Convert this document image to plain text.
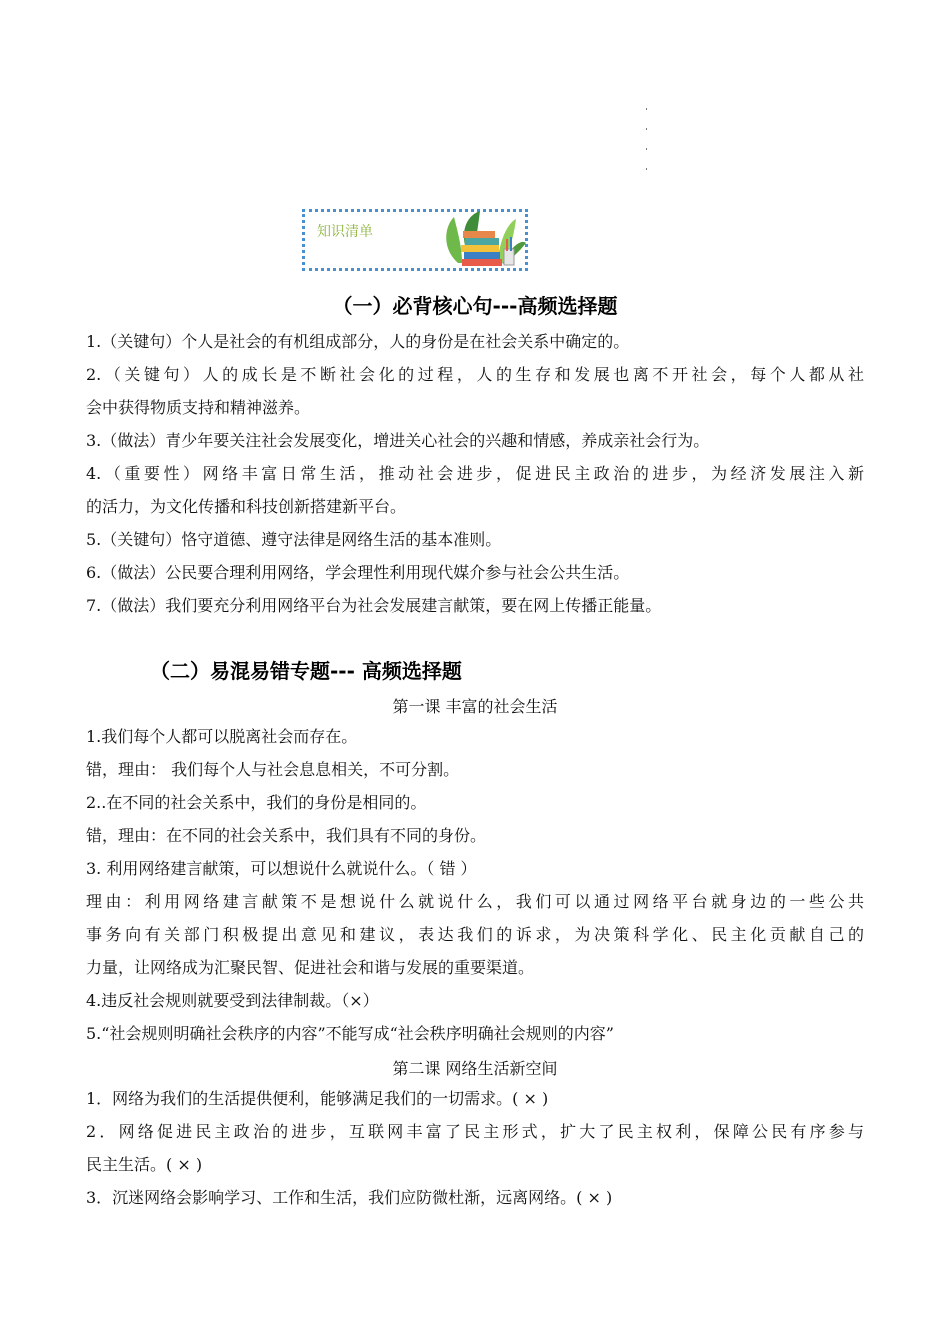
知识清单
（一）必背核心句---高频选择题
1.（关键句）个人是社会的有机组成部分，人的身份是在社会关系中确定的。
2.（关键句）人的成长是不断社会化的过程，人的生存和发展也离不开社会，每个人都从社
会中获得物质支持和精神滋养。
3.（做法）青少年要关注社会发展变化，增进关心社会的兴趣和情感，养成亲社会行为。
4.（重要性）网络丰富日常生活，推动社会进步，促进民主政治的进步，为经济发展注入新
的活力，为文化传播和科技创新搭建新平台。
5.（关键句）恪守道德、遵守法律是网络生活的基本准则。
6.（做法）公民要合理利用网络，学会理性利用现代媒介参与社会公共生活。
7.（做法）我们要充分利用网络平台为社会发展建言献策，要在网上传播正能量。
（二）易混易错专题--- 高频选择题
第一课 丰富的社会生活
1.我们每个人都可以脱离社会而存在。
错，理由： 我们每个人与社会息息相关，不可分割。
2..在不同的社会关系中，我们的身份是相同的。
错，理由：在不同的社会关系中，我们具有不同的身份。
3. 利用网络建言献策，可以想说什么就说什么。（ 错 ）
理由：利用网络建言献策不是想说什么就说什么，我们可以通过网络平台就身边的一些公共
事务向有关部门积极提出意见和建议，表达我们的诉求，为决策科学化、民主化贡献自己的
力量，让网络成为汇聚民智、促进社会和谐与发展的重要渠道。
4.违反社会规则就要受到法律制裁。（×）
5.“社会规则明确社会秩序的内容”不能写成“社会秩序明确社会规则的内容”
第二课 网络生活新空间
1．网络为我们的生活提供便利，能够满足我们的一切需求。( × )
2．网络促进民主政治的进步，互联网丰富了民主形式，扩大了民主权利，保障公民有序参与
民主生活。( × )
3．沉迷网络会影响学习、工作和生活，我们应防微杜渐，远离网络。( × )
